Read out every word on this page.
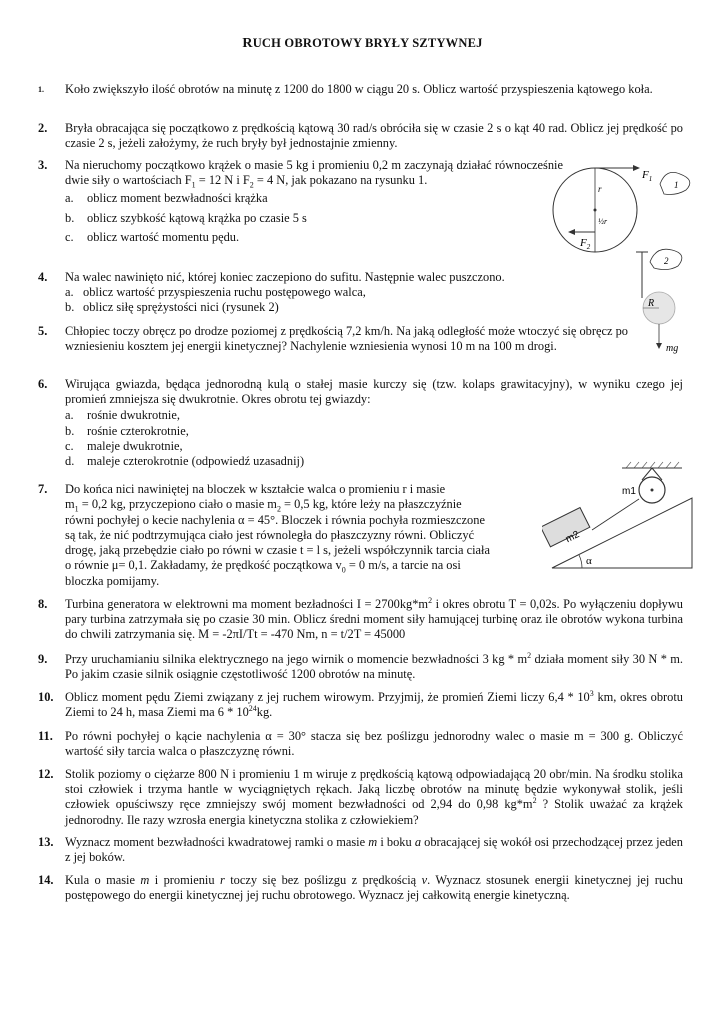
RUCH OBROTOWY BRYŁY SZTYWNEJ
1.	Koło zwiększyło ilość obrotów na minutę z 1200 do 1800 w ciągu 20 s. Oblicz wartość przyspieszenia kątowego koła.
2.	Bryła obracająca się początkowo z prędkością kątową 30 rad/s obróciła się w czasie 2 s o kąt 40 rad. Oblicz jej prędkość po czasie 2 s, jeżeli założymy, że ruch bryły był jednostajnie zmienny.
3.	Na nieruchomy początkowo krążek o masie 5 kg i promieniu 0,2 m zaczynają działać równocześnie dwie siły o wartościach $F_1 = 12$ N i $F_2 = 4$ N, jak pokazano na rysunku 1.
a. oblicz moment bezwładności krążka
b. oblicz szybkość kątową krążka po czasie 5 s
c. oblicz wartość momentu pędu.
4.	Na walec nawinięto nić, której koniec zaczepiono do sufitu. Następnie walec puszczono.
a. oblicz wartość przyspieszenia ruchu postępowego walca,
b. oblicz siłę sprężystości nici (rysunek 2)
5.	Chłopiec toczy obręcz po drodze poziomej z prędkością 7,2 km/h. Na jaką odległość może wtoczyć się obręcz po wzniesieniu kosztem jej energii kinetycznej? Nachylenie wzniesienia wynosi 10 m na 100 m drogi.
6.	Wirująca gwiazda, będąca jednorodną kulą o stałej masie kurczy się (tzw. kolaps grawitacyjny), w wyniku czego jej promień zmniejsza się dwukrotnie. Okres obrotu tej gwiazdy:
a. rośnie dwukrotnie,
b. rośnie czterokrotnie,
c. maleje dwukrotnie,
d. maleje czterokrotnie (odpowiedź uzasadnij)
7.	Do końca nici nawiniętej na bloczek w kształcie walca o promieniu r i masie
$m_1 = 0,2$ kg, przyczepiono ciało o masie $m_2 = 0,5$ kg, które leży na płaszczyźnie
równi pochyłej o kecie nachylenia α = 45°. Bloczek i równia pochyła rozmieszczone
są tak, że nić podtrzymująca ciało jest równoległa do płaszczyzny równi. Obliczyć
drogę, jaką przebędzie ciało po równi w czasie t = l s, jeżeli współczynnik tarcia ciała
o równie μ= 0,1. Zakładamy, że prędkość początkowa $v_0 = 0$ m/s, a tarcie na osi
bloczka pomijamy.
8.	Turbina generatora w elektrowni ma moment bezładności $I = 2700kg*m^2$ i okres obrotu T = 0,02s. Po wyłączeniu dopływu pary turbina zatrzymała się po czasie 30 min. Oblicz średni moment siły hamującej turbinę oraz ile obrotów wykona turbina do chwili zatrzymania się. M = -2πI/Tt = -470 Nm, n = t/2T = 45000
9.	Przy uruchamianiu silnika elektrycznego na jego wirnik o momencie bezwładności 3 kg * $m^2$ działa moment siły 30 N * m. Po jakim czasie silnik osiągnie częstotliwość 1200 obrotów na minutę.
10. Oblicz moment pędu Ziemi związany z jej ruchem wirowym. Przyjmij, że promień Ziemi liczy $6,4 * 10^3$ km, okres obrotu Ziemi to 24 h, masa Ziemi ma $6 * 10^{24}kg$.
11. Po równi pochyłej o kącie nachylenia α = 30° stacza się bez poślizgu jednorodny walec o masie m = 300 g. Obliczyć wartość siły tarcia walca o płaszczyznę równi.
12. Stolik poziomy o ciężarze 800 N i promieniu 1 m wiruje z prędkością kątową odpowiadającą 20 obr/min. Na środku stolika stoi człowiek i trzyma hantle w wyciągniętych rękach. Jaką liczbę obrotów na minutę będzie wykonywał stolik, jeśli człowiek opuściwszy ręce zmniejszy swój moment bezwładności od 2,94 do 0,98 $kg*m^2$ ? Stolik uważać za krążek jednorodny. Ile razy wzrosła energia kinetyczna stolika z człowiekiem?
13. Wyznacz moment bezwładności kwadratowej ramki o masie m i boku a obracającej się wokół osi przechodzącej przez jeden z jej boków.
14. Kula o masie m i promieniu r toczy się bez poślizgu z prędkością v. Wyznacz stosunek energii kinetycznej jej ruchu postępowego do energii kinetycznej jej ruchu obrotowego. Wyznacz jej całkowitą energie kinetyczną.
$F_1$
$F_2$
r
½r
1
R
mg
2
m1
m2
α
